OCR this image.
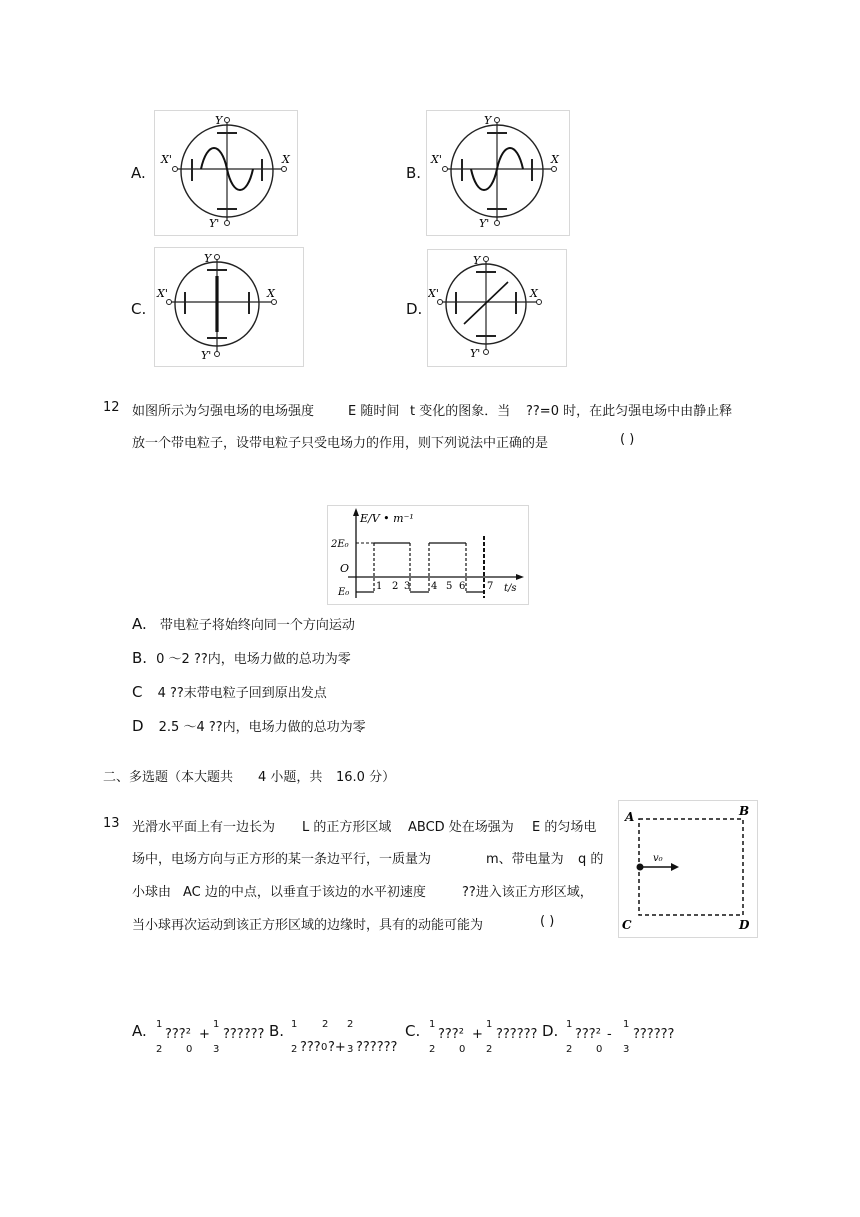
A.
Y
Y'
X'	X
B.
Y
Y'
X'	X
C.
Y
Y'
X'	X
D.
Y
Y'
X'	X
12 如图所示为匀强电场的电场强度	E 随时间 t 变化的图象．当 ??=0 时，在此匀强电场中由静止释
放一个带电粒子，设带电粒子只受电场力的作用，则下列说法中正确的是	( )
E/V • m⁻¹
2E₀
O
E₀	t/s
1 2 3 4 5 6 7
A. 带电粒子将始终向同一个方向运动
B. 0 ～2 ??内，电场力做的总功为零
C 4 ??末带电粒子回到原出发点
D 2.5 ～4 ??内，电场力做的总功为零
二、多选题（本大题共 4 小题，共 16.0 分）
13 光滑水平面上有一边长为 L 的正方形区域 ABCD 处在场强为 E 的匀场电
场中，电场方向与正方形的某一条边平行，一质量为	m、带电量为 q 的
小球由 AC 边的中点，以垂直于该边的水平初速度	??进入该正方形区域，
当小球再次运动到该正方形区域的边缘时，具有的动能可能为	( )
v₀
A	B
C	D
A. 1
2
???²
0
+
1
3
?????? B. 1
2
2
??? 0 ?+
2
3 ??????
C. 1
2
???²
0
+
1
2
?????? D. 1
2
???²
0
-
1
3
??????
